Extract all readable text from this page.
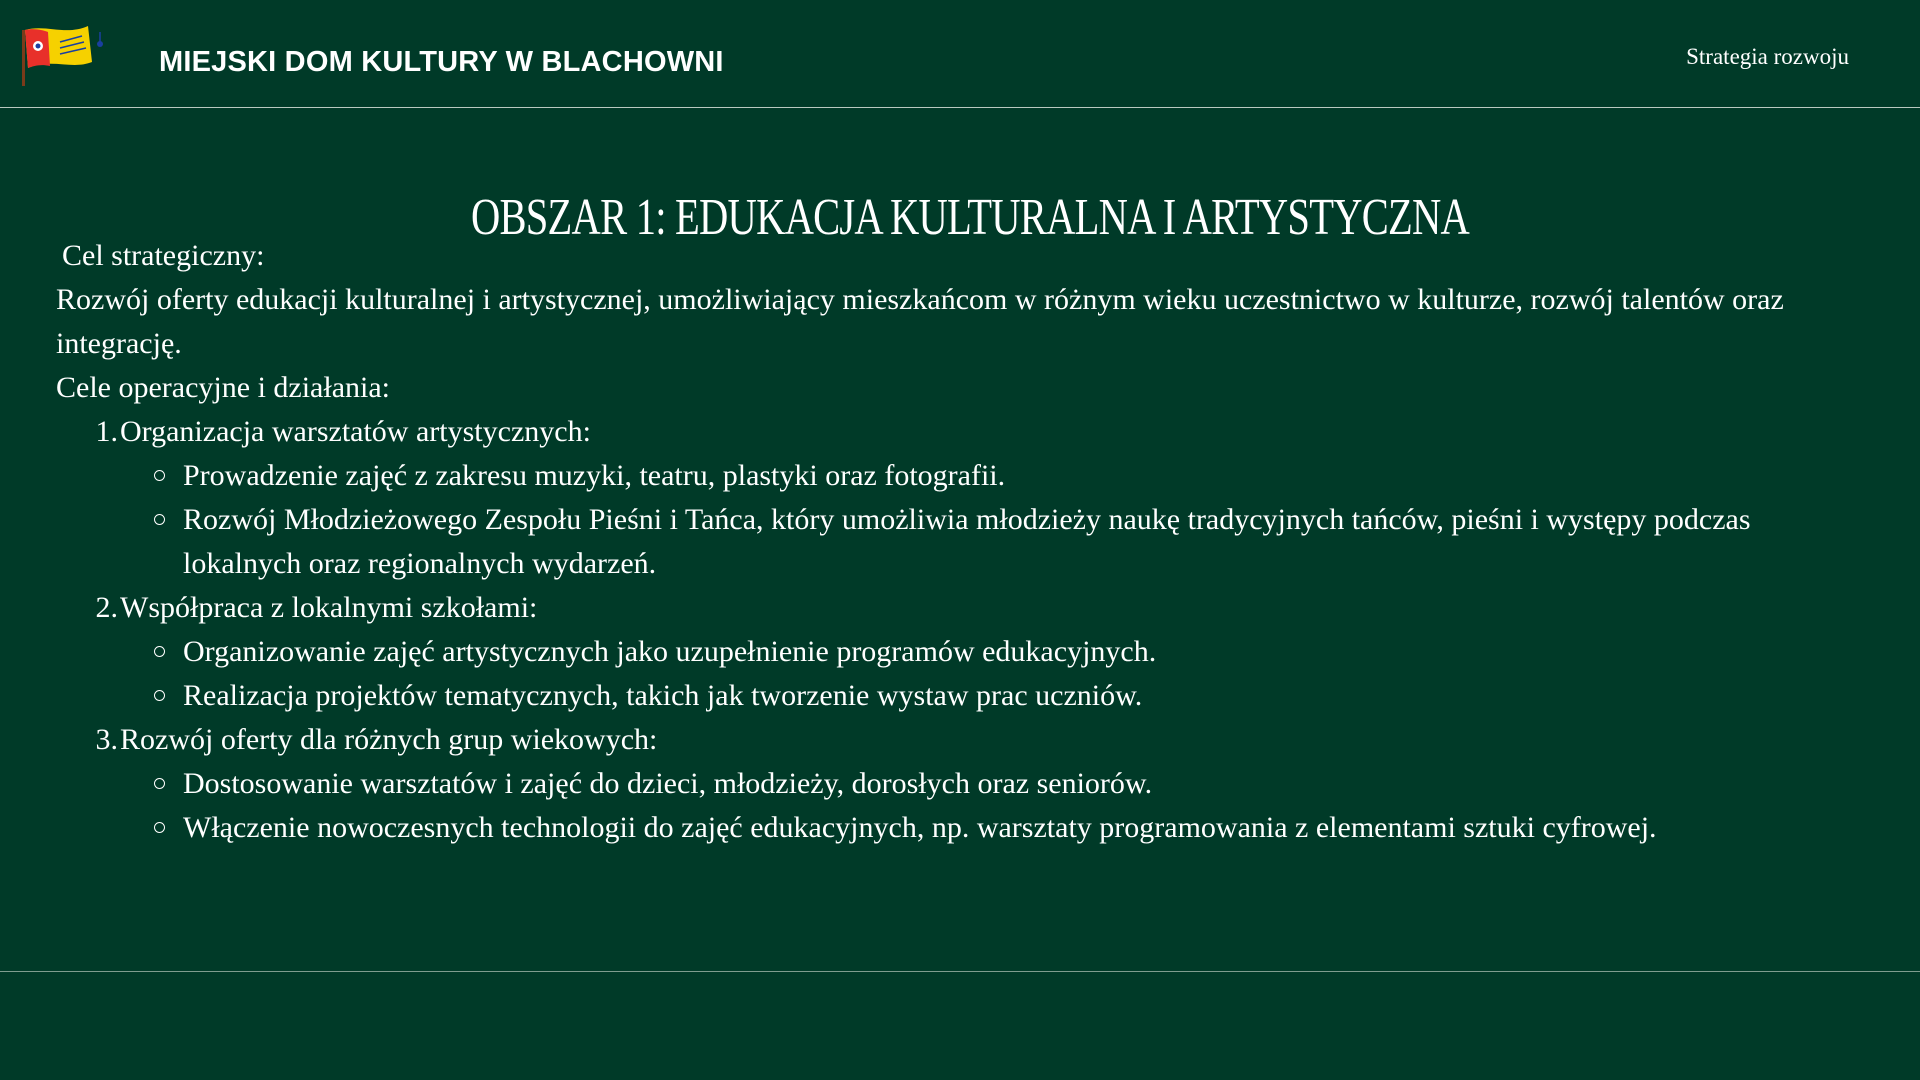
MIEJSKI DOM KULTURY W BLACHOWNI	Strategia rozwoju
OBSZAR 1: EDUKACJA KULTURALNA I ARTYSTYCZNA
Cel strategiczny:
Rozwój oferty edukacji kulturalnej i artystycznej, umożliwiający mieszkańcom w różnym wieku uczestnictwo w kulturze, rozwój talentów oraz integrację.
Cele operacyjne i działania:
1. Organizacja warsztatów artystycznych:
Prowadzenie zajęć z zakresu muzyki, teatru, plastyki oraz fotografii.
Rozwój Młodzieżowego Zespołu Pieśni i Tańca, który umożliwia młodzieży naukę tradycyjnych tańców, pieśni i występy podczas lokalnych oraz regionalnych wydarzeń.
2. Współpraca z lokalnymi szkołami:
Organizowanie zajęć artystycznych jako uzupełnienie programów edukacyjnych.
Realizacja projektów tematycznych, takich jak tworzenie wystaw prac uczniów.
3. Rozwój oferty dla różnych grup wiekowych:
Dostosowanie warsztatów i zajęć do dzieci, młodzieży, dorosłych oraz seniorów.
Włączenie nowoczesnych technologii do zajęć edukacyjnych, np. warsztaty programowania z elementami sztuki cyfrowej.
